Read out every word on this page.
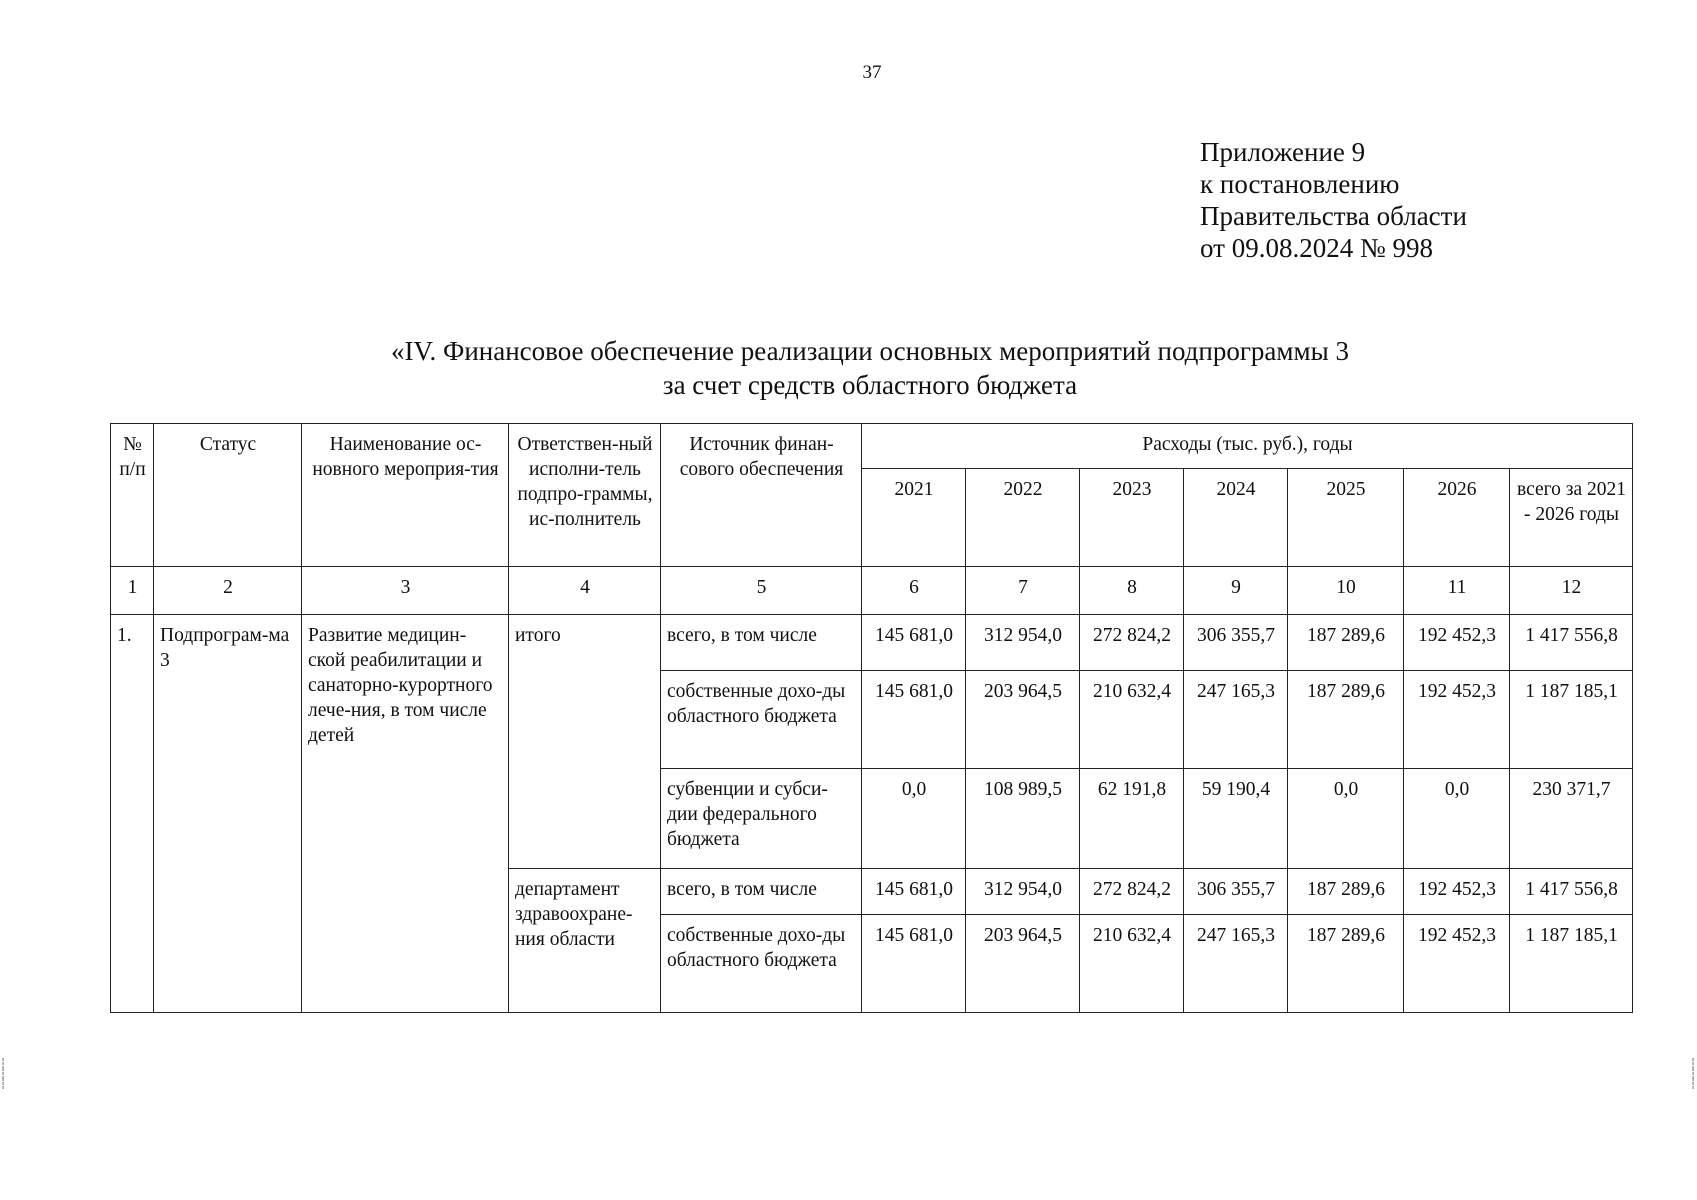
37
Приложение 9
к постановлению
Правительства области
от 09.08.2024 № 998
«IV. Финансовое обеспечение реализации основных мероприятий подпрограммы 3
за счет средств областного бюджета
№ п/п	Статус	Наименование ос-новного мероприя-тия	Ответствен-ный исполни-тель подпро-граммы, ис-полнитель	Источник финан-сового обеспечения	Расходы (тыс. руб.), годы						
					2021	2022	2023	2024	2025	2026	всего за 2021 - 2026 годы
1	2	3	4	5	6	7	8	9	10	11	12
1.	Подпрограм-ма 3	Развитие медицин-ской реабилитации и санаторно-курортного лече-ния, в том числе детей	итого	всего, в том числе	145 681,0	312 954,0	272 824,2	306 355,7	187 289,6	192 452,3	1 417 556,8
				собственные дохо-ды областного бюджета	145 681,0	203 964,5	210 632,4	247 165,3	187 289,6	192 452,3	1 187 185,1
				субвенции и субси-дии федерального бюджета	0,0	108 989,5	62 191,8	59 190,4	0,0	0,0	230 371,7
			департамент здравоохране-ния области	всего, в том числе	145 681,0	312 954,0	272 824,2	306 355,7	187 289,6	192 452,3	1 417 556,8
				собственные дохо-ды областного бюджета	145 681,0	203 964,5	210 632,4	247 165,3	187 289,6	192 452,3	1 187 185,1
┆
┆
┆
┆
┆
┆
